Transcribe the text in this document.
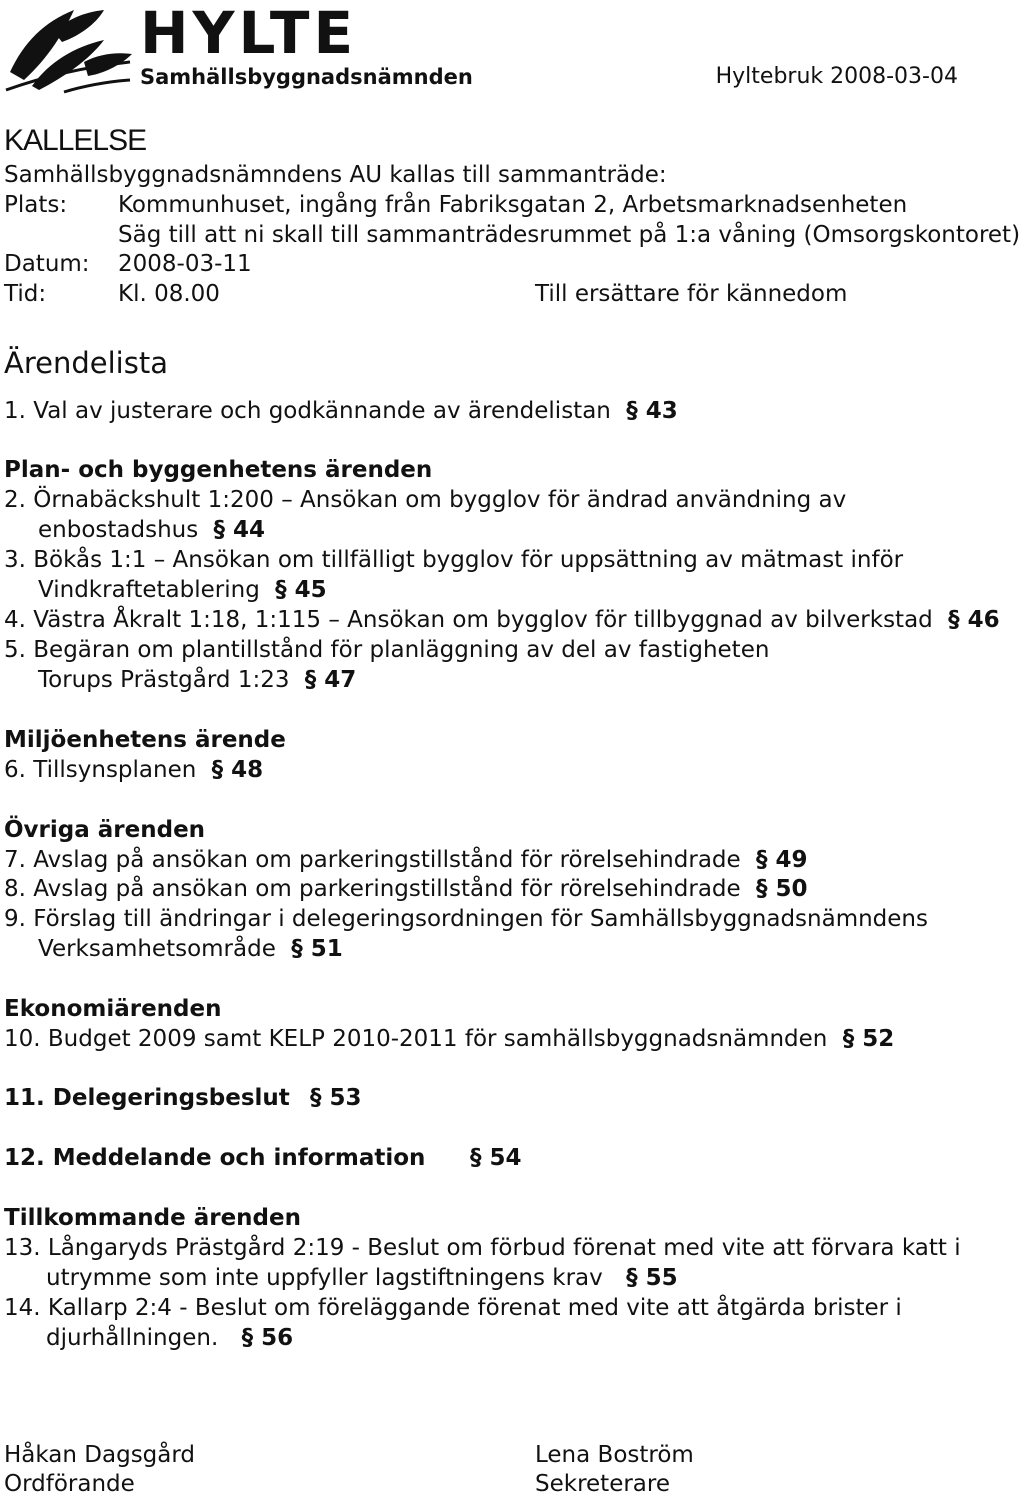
HYLTE
Samhällsbyggnadsnämnden	Hyltebruk 2008-03-04
KALLELSE
Samhällsbyggnadsnämndens AU kallas till sammanträde:
Plats: Kommunhuset, ingång från Fabriksgatan 2, Arbetsmarknadsenheten
Säg till att ni skall till sammanträdesrummet på 1:a våning (Omsorgskontoret)
Datum: 2008-03-11
Tid:	Kl. 08.00	Till ersättare för kännedom
Ärendelista
1. Val av justerare och godkännande av ärendelistan § 43
Plan- och byggenhetens ärenden
2. Örnabäckshult 1:200 – Ansökan om bygglov för ändrad användning av
enbostadshus § 44
3. Bökås 1:1 – Ansökan om tillfälligt bygglov för uppsättning av mätmast inför
Vindkraftetablering § 45
4. Västra Åkralt 1:18, 1:115 – Ansökan om bygglov för tillbyggnad av bilverkstad § 46
5. Begäran om plantillstånd för planläggning av del av fastigheten
Torups Prästgård 1:23 § 47
Miljöenhetens ärende
6. Tillsynsplanen § 48
Övriga ärenden
7. Avslag på ansökan om parkeringstillstånd för rörelsehindrade § 49
8. Avslag på ansökan om parkeringstillstånd för rörelsehindrade § 50
9. Förslag till ändringar i delegeringsordningen för Samhällsbyggnadsnämndens
Verksamhetsområde § 51
Ekonomiärenden
10. Budget 2009 samt KELP 2010-2011 för samhällsbyggnadsnämnden § 52
11. Delegeringsbeslut § 53
12. Meddelande och information § 54
Tillkommande ärenden
13. Långaryds Prästgård 2:19 - Beslut om förbud förenat med vite att förvara katt i
utrymme som inte uppfyller lagstiftningens krav § 55
14. Kallarp 2:4 - Beslut om föreläggande förenat med vite att åtgärda brister i
djurhållningen. § 56
Håkan Dagsgård
Ordförande
Lena Boström
Sekreterare
